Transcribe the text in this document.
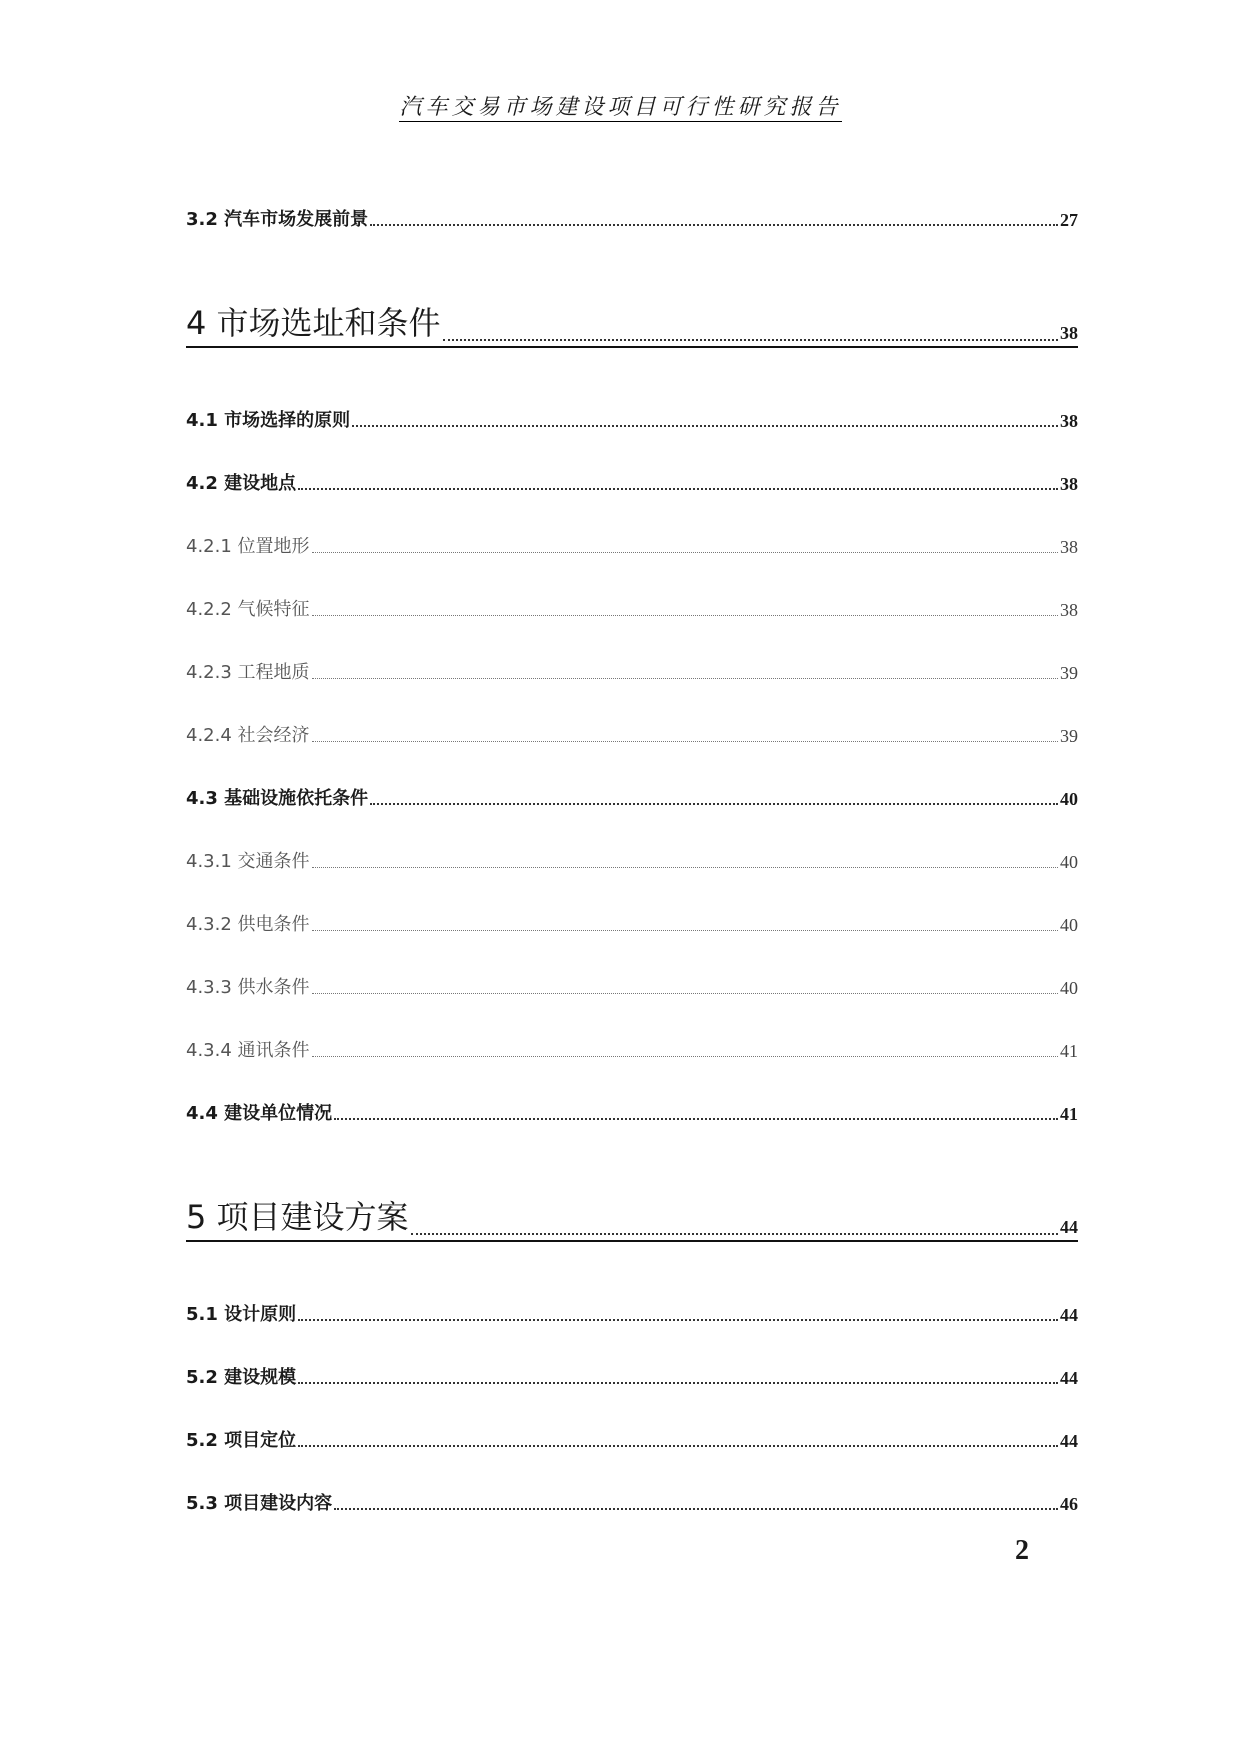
汽车交易市场建设项目可行性研究报告
3.2 汽车市场发展前景	27
4 市场选址和条件	38
4.1 市场选择的原则	38
4.2 建设地点	38
4.2.1 位置地形	38
4.2.2 气候特征	38
4.2.3 工程地质	39
4.2.4 社会经济	39
4.3 基础设施依托条件	40
4.3.1 交通条件	40
4.3.2 供电条件	40
4.3.3 供水条件	40
4.3.4 通讯条件	41
4.4 建设单位情况	41
5 项目建设方案	44
5.1 设计原则	44
5.2 建设规模	44
5.2 项目定位	44
5.3 项目建设内容	46
2
